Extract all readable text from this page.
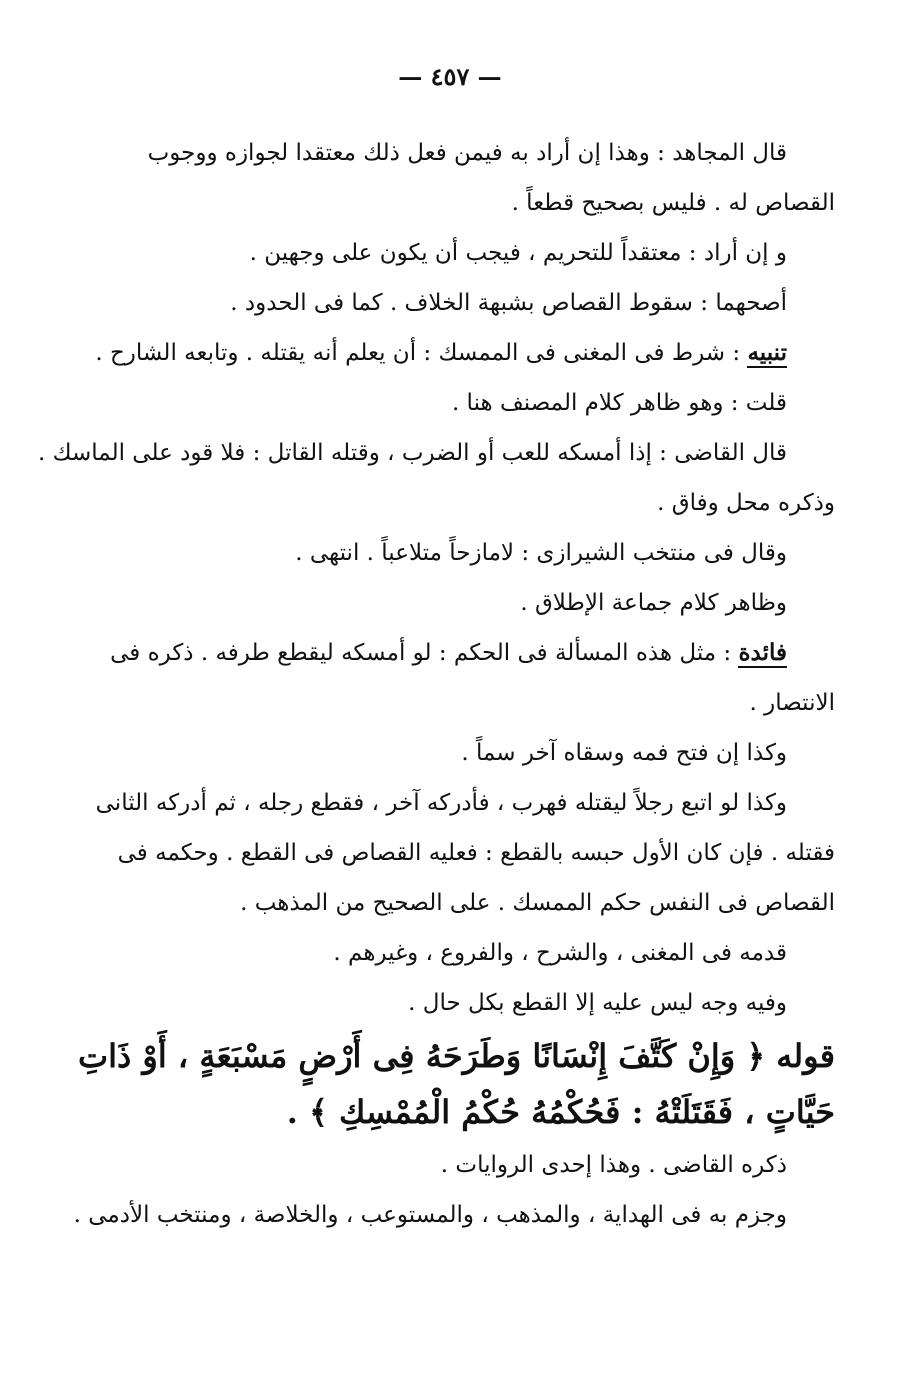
— ٤٥٧ —
قال المجاهد : وهذا إن أراد به فيمن فعل ذلك معتقدا لجوازه ووجوب
القصاص له . فليس بصحيح قطعاً .
و إن أراد : معتقداً للتحريم ، فيجب أن يكون على وجهين .
أصحهما : سقوط القصاص بشبهة الخلاف . كما فى الحدود .
تنبيه : شرط فى المغنى فى الممسك : أن يعلم أنه يقتله . وتابعه الشارح .
قلت : وهو ظاهر كلام المصنف هنا .
قال القاضى : إذا أمسكه للعب أو الضرب ، وقتله القاتل : فلا قود على الماسك .
وذكره محل وفاق .
وقال فى منتخب الشيرازى : لامازحاً متلاعباً . انتهى .
وظاهر كلام جماعة الإطلاق .
فائدة : مثل هذه المسألة فى الحكم : لو أمسكه ليقطع طرفه . ذكره فى
الانتصار .
وكذا إن فتح فمه وسقاه آخر سماً .
وكذا لو اتبع رجلاً ليقتله فهرب ، فأدركه آخر ، فقطع رجله ، ثم أدركه الثانى
فقتله . فإن كان الأول حبسه بالقطع : فعليه القصاص فى القطع . وحكمه فى
القصاص فى النفس حكم الممسك . على الصحيح من المذهب .
قدمه فى المغنى ، والشرح ، والفروع ، وغيرهم .
وفيه وجه ليس عليه إلا القطع بكل حال .
قوله ﴿ وَإِنْ كَتَّفَ إِنْسَانًا وَطَرَحَهُ فِى أَرْضٍ مَسْبَعَةٍ ، أَوْ ذَاتِ
حَيَّاتٍ ، فَقَتَلَتْهُ : فَحُكْمُهُ حُكْمُ الْمُمْسِكِ ﴾ .
ذكره القاضى . وهذا إحدى الروايات .
وجزم به فى الهداية ، والمذهب ، والمستوعب ، والخلاصة ، ومنتخب الأدمى .
